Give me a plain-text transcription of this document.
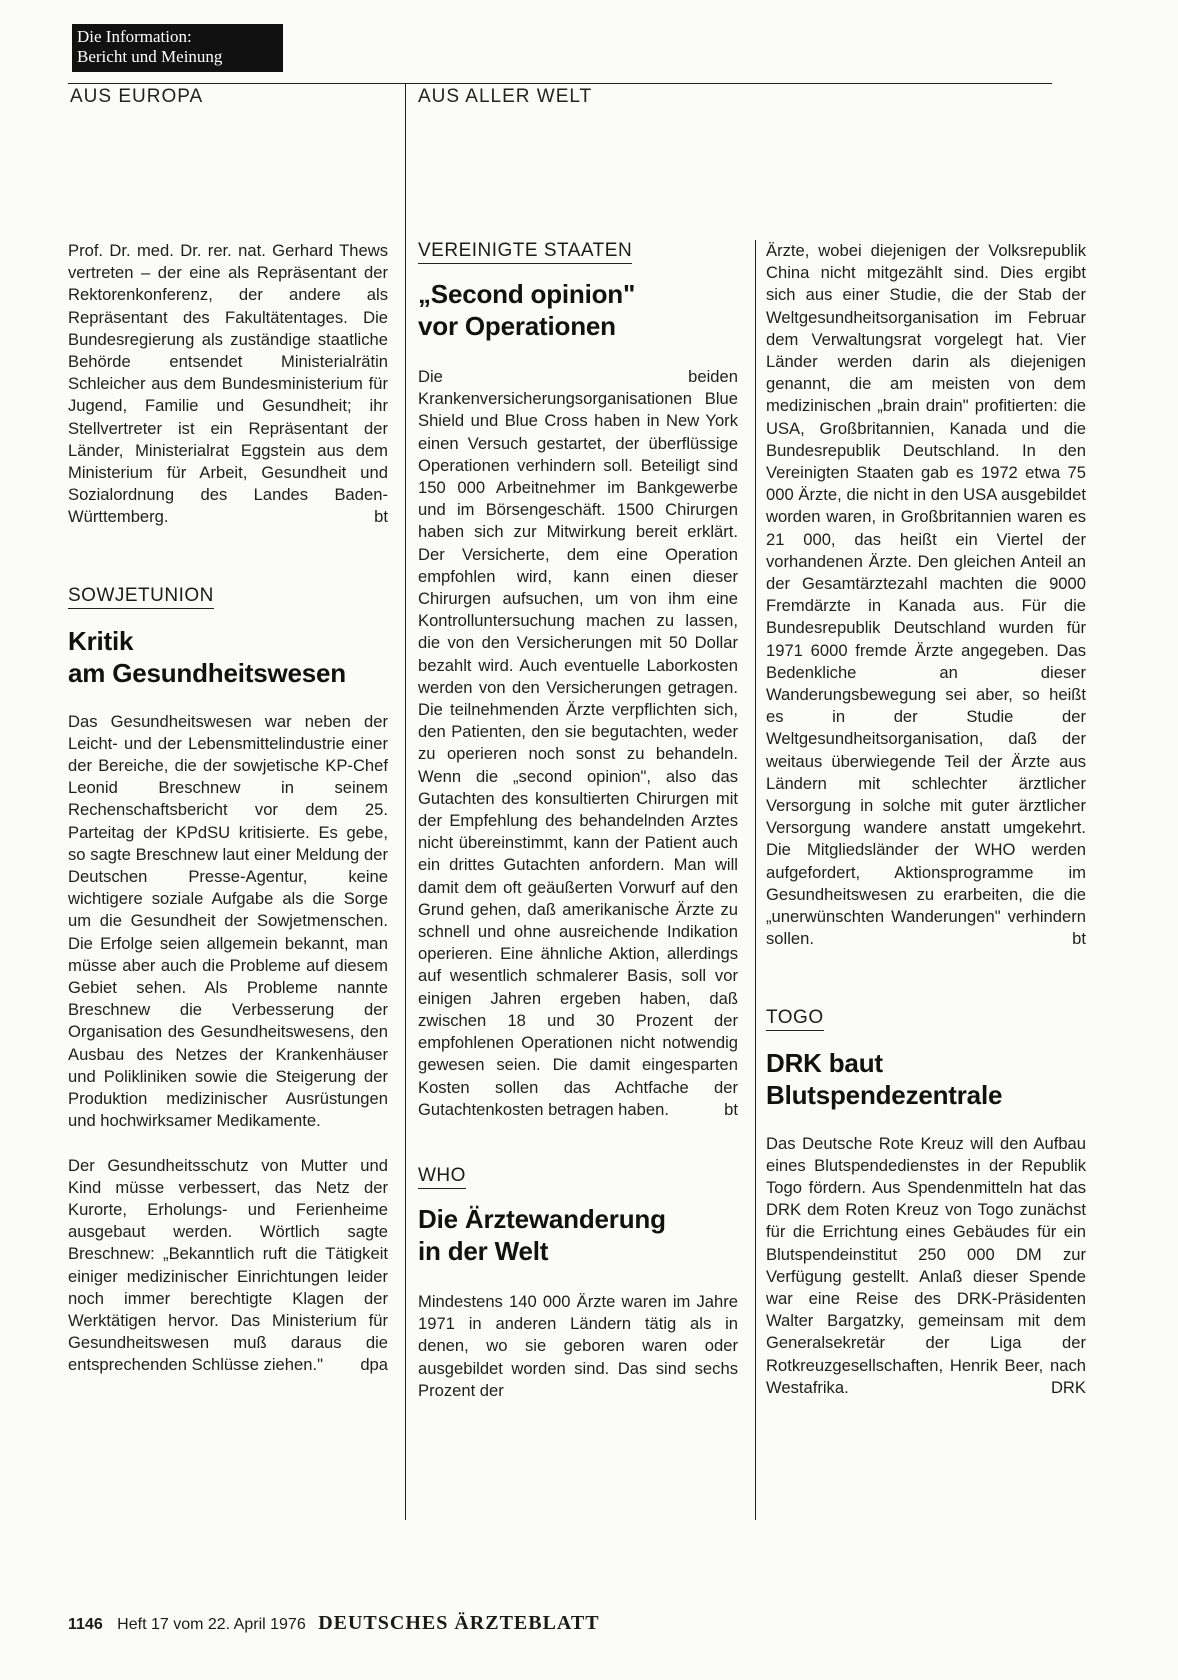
Die Information:
Bericht und Meinung
AUS EUROPA	AUS ALLER WELT

Prof. Dr. med. Dr. rer. nat. Gerhard Thews vertreten – der eine als Repräsentant der Rektorenkonferenz, der andere als Repräsentant des Fakultätentages. Die Bundesregierung als zuständige staatliche Behörde entsendet Ministerialrätin Schleicher aus dem Bundesministerium für Jugend, Familie und Gesundheit; ihr Stellvertreter ist ein Repräsentant der Länder, Ministerialrat Eggstein aus dem Ministerium für Arbeit, Gesundheit und Sozialordnung des Landes Baden-Württemberg.	bt

SOWJETUNION
Kritik
am Gesundheitswesen

Das Gesundheitswesen war neben der Leicht- und der Lebensmittelindustrie einer der Bereiche, die der sowjetische KP-Chef Leonid Breschnew in seinem Rechenschaftsbericht vor dem 25. Parteitag der KPdSU kritisierte. Es gebe, so sagte Breschnew laut einer Meldung der Deutschen Presse-Agentur, keine wichtigere soziale Aufgabe als die Sorge um die Gesundheit der Sowjetmenschen. Die Erfolge seien allgemein bekannt, man müsse aber auch die Probleme auf diesem Gebiet sehen. Als Probleme nannte Breschnew die Verbesserung der Organisation des Gesundheitswesens, den Ausbau des Netzes der Krankenhäuser und Polikliniken sowie die Steigerung der Produktion medizinischer Ausrüstungen und hochwirksamer Medikamente.

Der Gesundheitsschutz von Mutter und Kind müsse verbessert, das Netz der Kurorte, Erholungs- und Ferienheime ausgebaut werden. Wörtlich sagte Breschnew: „Bekanntlich ruft die Tätigkeit einiger medizinischer Einrichtungen leider noch immer berechtigte Klagen der Werktätigen hervor. Das Ministerium für Gesundheitswesen muß daraus die entsprechenden Schlüsse ziehen." dpa

VEREINIGTE STAATEN
„Second opinion"
vor Operationen

Die beiden Krankenversicherungsorganisationen Blue Shield und Blue Cross haben in New York einen Versuch gestartet, der überflüssige Operationen verhindern soll. Beteiligt sind 150 000 Arbeitnehmer im Bankgewerbe und im Börsengeschäft. 1500 Chirurgen haben sich zur Mitwirkung bereit erklärt. Der Versicherte, dem eine Operation empfohlen wird, kann einen dieser Chirurgen aufsuchen, um von ihm eine Kontrolluntersuchung machen zu lassen, die von den Versicherungen mit 50 Dollar bezahlt wird. Auch eventuelle Laborkosten werden von den Versicherungen getragen. Die teilnehmenden Ärzte verpflichten sich, den Patienten, den sie begutachten, weder zu operieren noch sonst zu behandeln. Wenn die „second opinion", also das Gutachten des konsultierten Chirurgen mit der Empfehlung des behandelnden Arztes nicht übereinstimmt, kann der Patient auch ein drittes Gutachten anfordern. Man will damit dem oft geäußerten Vorwurf auf den Grund gehen, daß amerikanische Ärzte zu schnell und ohne ausreichende Indikation operieren. Eine ähnliche Aktion, allerdings auf wesentlich schmalerer Basis, soll vor einigen Jahren ergeben haben, daß zwischen 18 und 30 Prozent der empfohlenen Operationen nicht notwendig gewesen seien. Die damit eingesparten Kosten sollen das Achtfache der Gutachtenkosten betragen haben.	bt

WHO
Die Ärztewanderung
in der Welt

Mindestens 140 000 Ärzte waren im Jahre 1971 in anderen Ländern tätig als in denen, wo sie geboren waren oder ausgebildet worden sind. Das sind sechs Prozent der

Ärzte, wobei diejenigen der Volksrepublik China nicht mitgezählt sind. Dies ergibt sich aus einer Studie, die der Stab der Weltgesundheitsorganisation im Februar dem Verwaltungsrat vorgelegt hat. Vier Länder werden darin als diejenigen genannt, die am meisten von dem medizinischen „brain drain" profitierten: die USA, Großbritannien, Kanada und die Bundesrepublik Deutschland. In den Vereinigten Staaten gab es 1972 etwa 75 000 Ärzte, die nicht in den USA ausgebildet worden waren, in Großbritannien waren es 21 000, das heißt ein Viertel der vorhandenen Ärzte. Den gleichen Anteil an der Gesamtärztezahl machten die 9000 Fremdärzte in Kanada aus. Für die Bundesrepublik Deutschland wurden für 1971 6000 fremde Ärzte angegeben. Das Bedenkliche an dieser Wanderungsbewegung sei aber, so heißt es in der Studie der Weltgesundheitsorganisation, daß der weitaus überwiegende Teil der Ärzte aus Ländern mit schlechter ärztlicher Versorgung in solche mit guter ärztlicher Versorgung wandere anstatt umgekehrt. Die Mitgliedsländer der WHO werden aufgefordert, Aktionsprogramme im Gesundheitswesen zu erarbeiten, die die „unerwünschten Wanderungen" verhindern sollen.	bt

TOGO
DRK baut
Blutspendezentrale

Das Deutsche Rote Kreuz will den Aufbau eines Blutspendedienstes in der Republik Togo fördern. Aus Spendenmitteln hat das DRK dem Roten Kreuz von Togo zunächst für die Errichtung eines Gebäudes für ein Blutspendeinstitut 250 000 DM zur Verfügung gestellt. Anlaß dieser Spende war eine Reise des DRK-Präsidenten Walter Bargatzky, gemeinsam mit dem Generalsekretär der Liga der Rotkreuzgesellschaften, Henrik Beer, nach Westafrika.	DRK

1146 Heft 17 vom 22. April 1976 DEUTSCHES ÄRZTEBLATT
